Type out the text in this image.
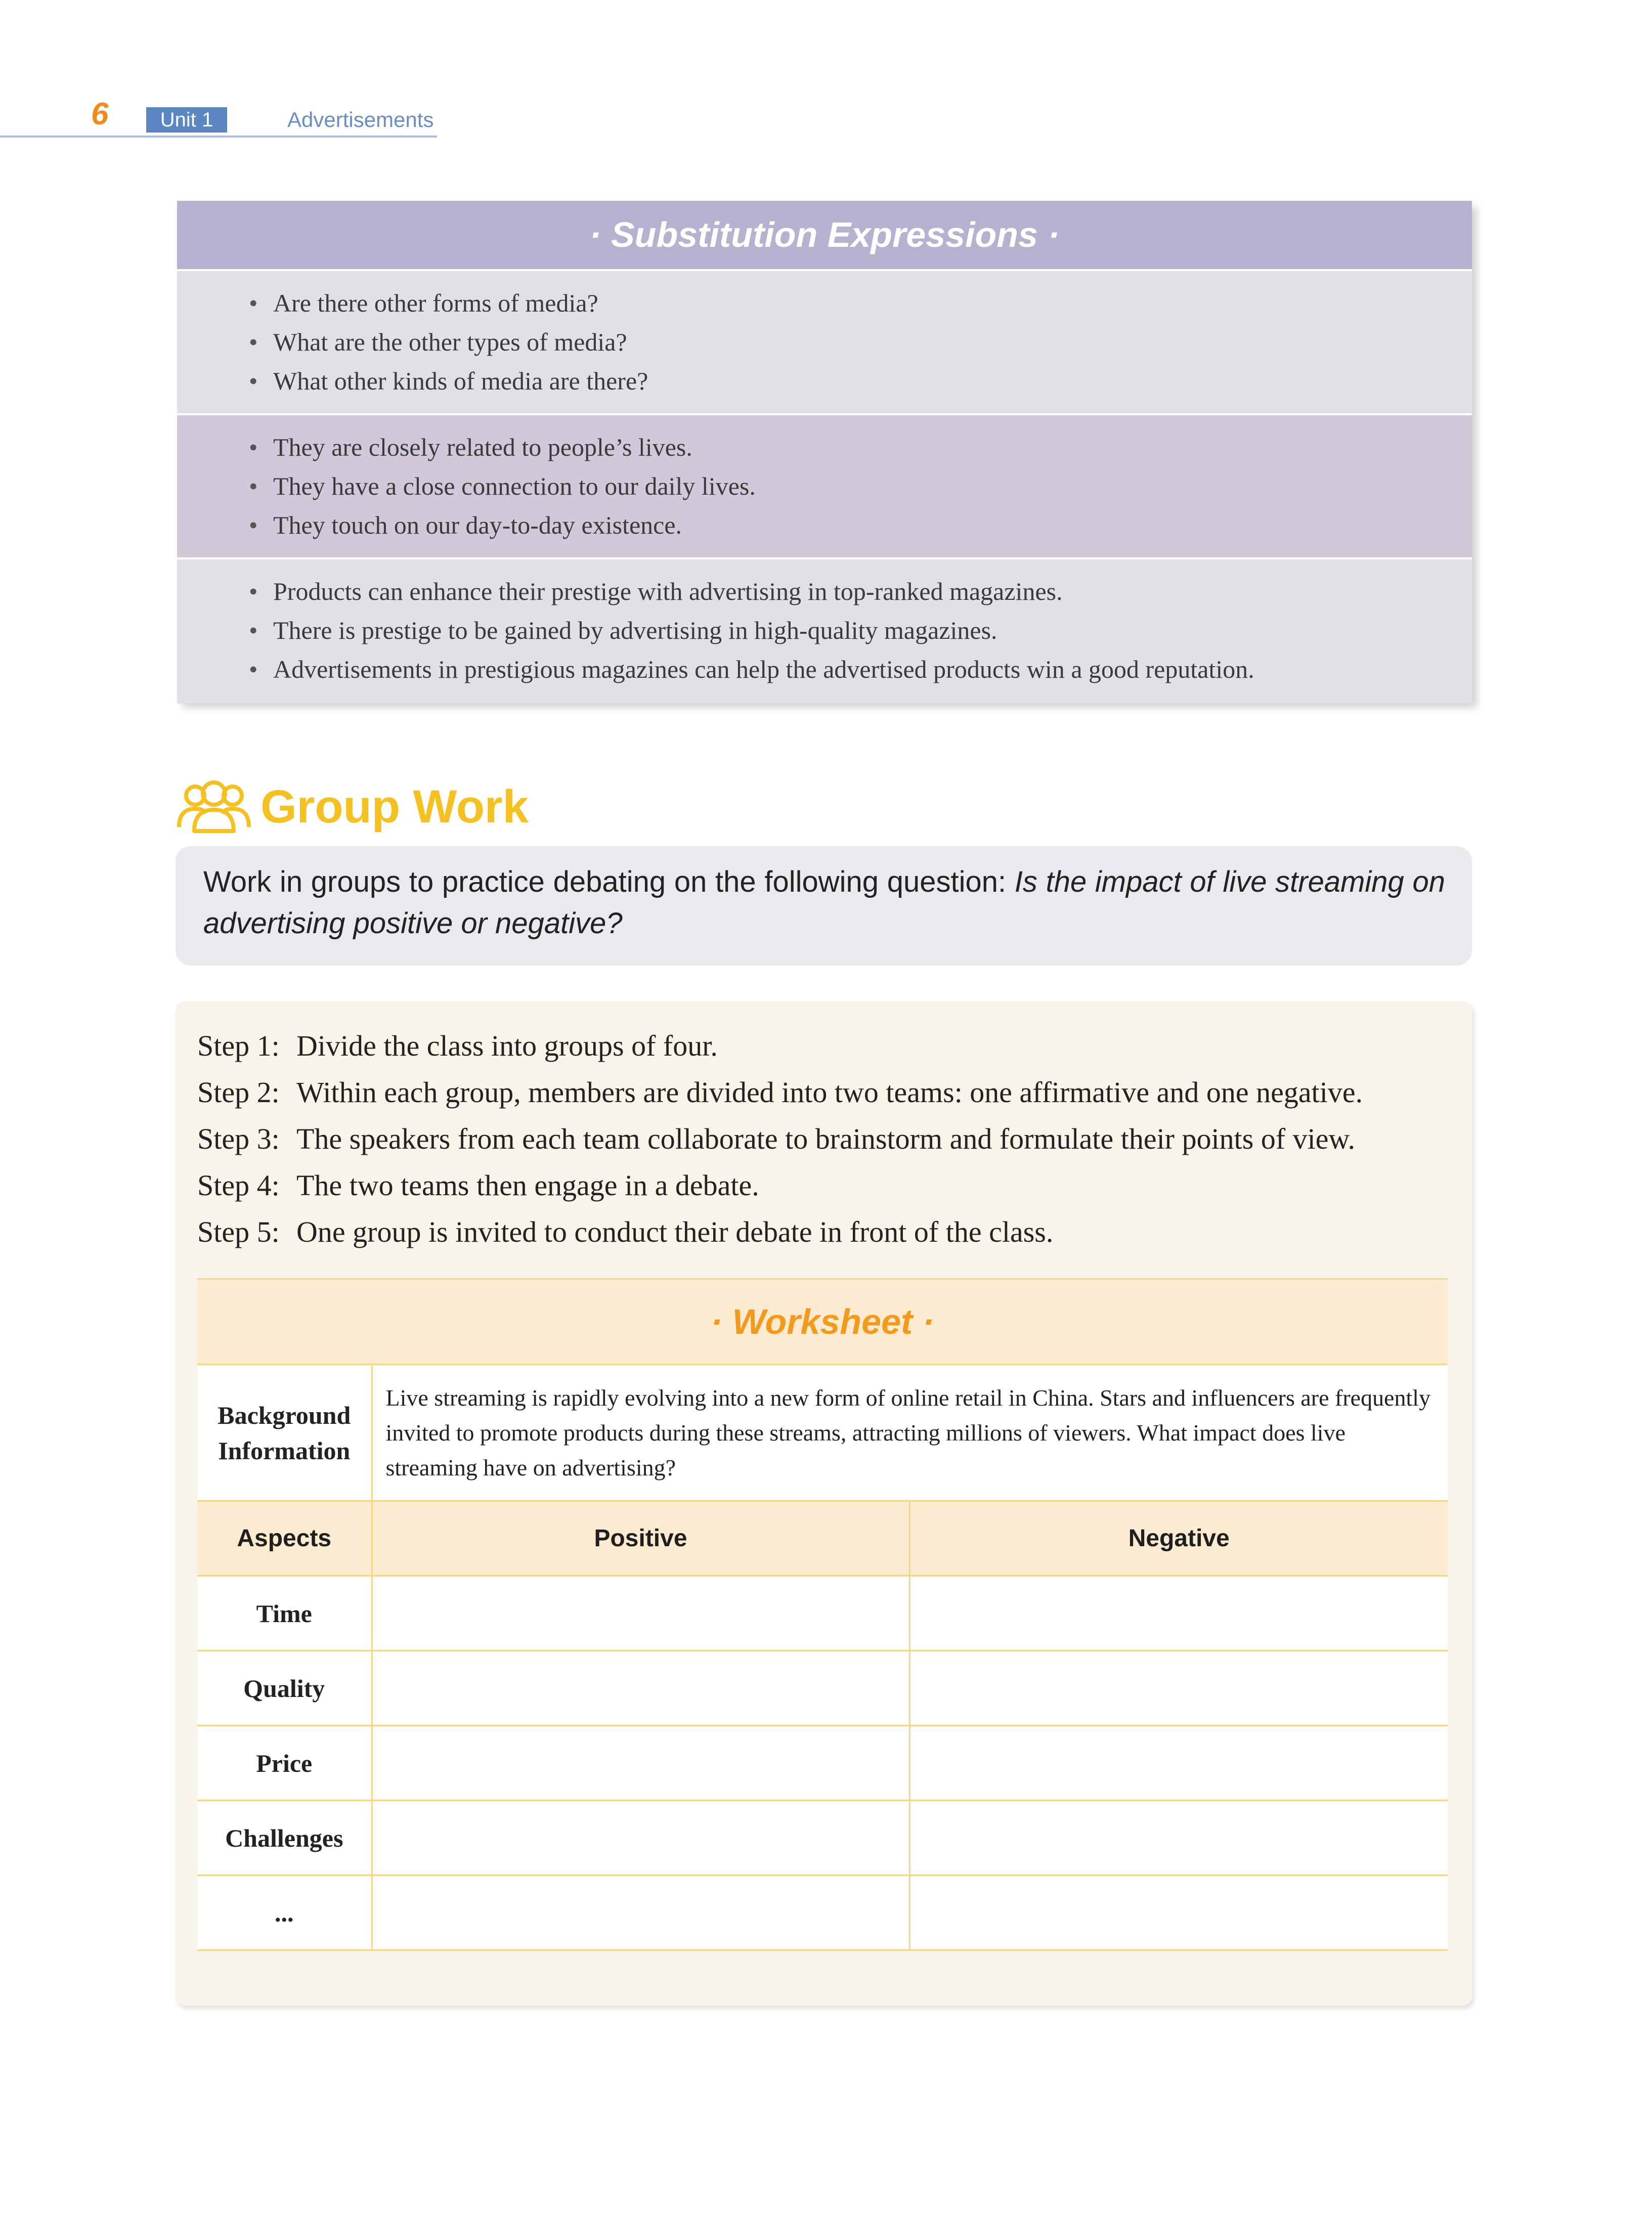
6	Unit 1	Advertisements
· Substitution Expressions ·
• Are there other forms of media?
• What are the other types of media?
• What other kinds of media are there?
• They are closely related to people’s lives.
• They have a close connection to our daily lives.
• They touch on our day-to-day existence.
• Products can enhance their prestige with advertising in top-ranked magazines.
• There is prestige to be gained by advertising in high-quality magazines.
• Advertisements in prestigious magazines can help the advertised products win a good reputation.
Group Work
Work in groups to practice debating on the following question: Is the impact of live streaming on advertising positive or negative?
Step 1: Divide the class into groups of four.
Step 2: Within each group, members are divided into two teams: one affirmative and one negative.
Step 3: The speakers from each team collaborate to brainstorm and formulate their points of view.
Step 4: The two teams then engage in a debate.
Step 5: One group is invited to conduct their debate in front of the class.
· Worksheet ·		
Background
Information	Live streaming is rapidly evolving into a new form of online retail in China. Stars and influencers are frequently invited to promote products during these streams, attracting millions of viewers. What impact does live streaming have on advertising?	
Aspects	Positive	Negative
Time		
Quality		
Price		
Challenges		
...		
